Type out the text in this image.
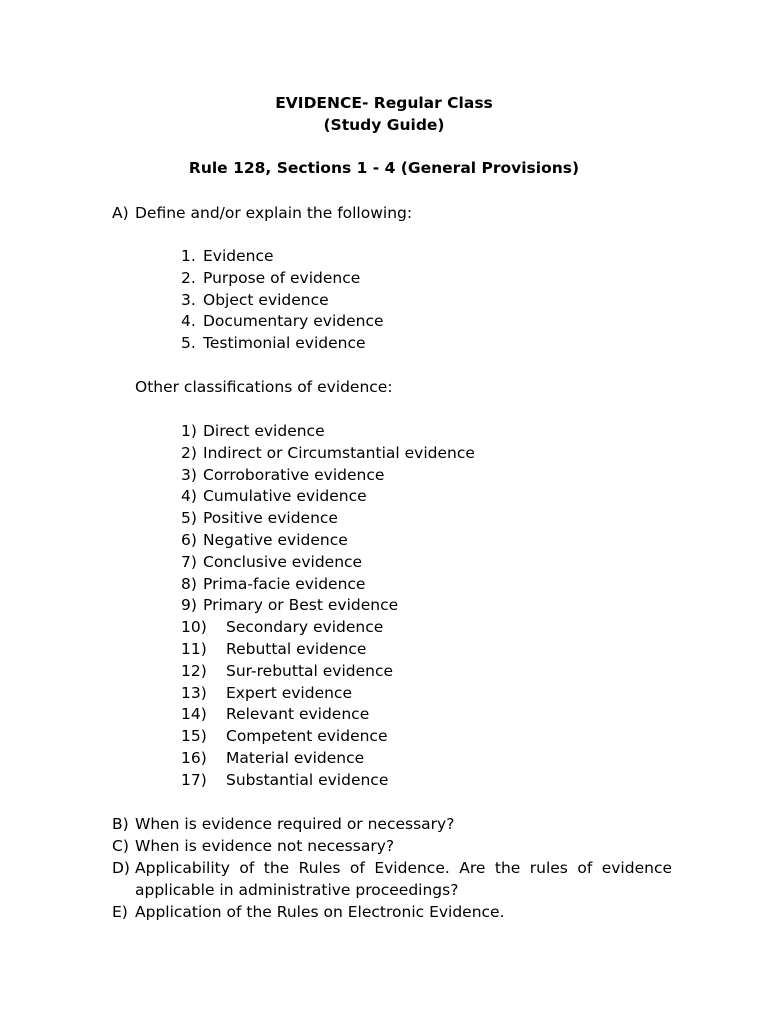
EVIDENCE- Regular Class
(Study Guide)
Rule 128, Sections 1 - 4 (General Provisions)
A) Define and/or explain the following:
1. Evidence
2. Purpose of evidence
3. Object evidence
4. Documentary evidence
5. Testimonial evidence
Other classifications of evidence:
1) Direct evidence
2) Indirect or Circumstantial evidence
3) Corroborative evidence
4) Cumulative evidence
5) Positive evidence
6) Negative evidence
7) Conclusive evidence
8) Prima-facie evidence
9) Primary or Best evidence
10)	Secondary evidence
11)	Rebuttal evidence
12)	Sur-rebuttal evidence
13)	Expert evidence
14)	Relevant evidence
15)	Competent evidence
16)	Material evidence
17)	Substantial evidence
B) When is evidence required or necessary?
C) When is evidence not necessary?
D) Applicability of the Rules of Evidence. Are the rules of evidence applicable in administrative proceedings?
E) Application of the Rules on Electronic Evidence.
